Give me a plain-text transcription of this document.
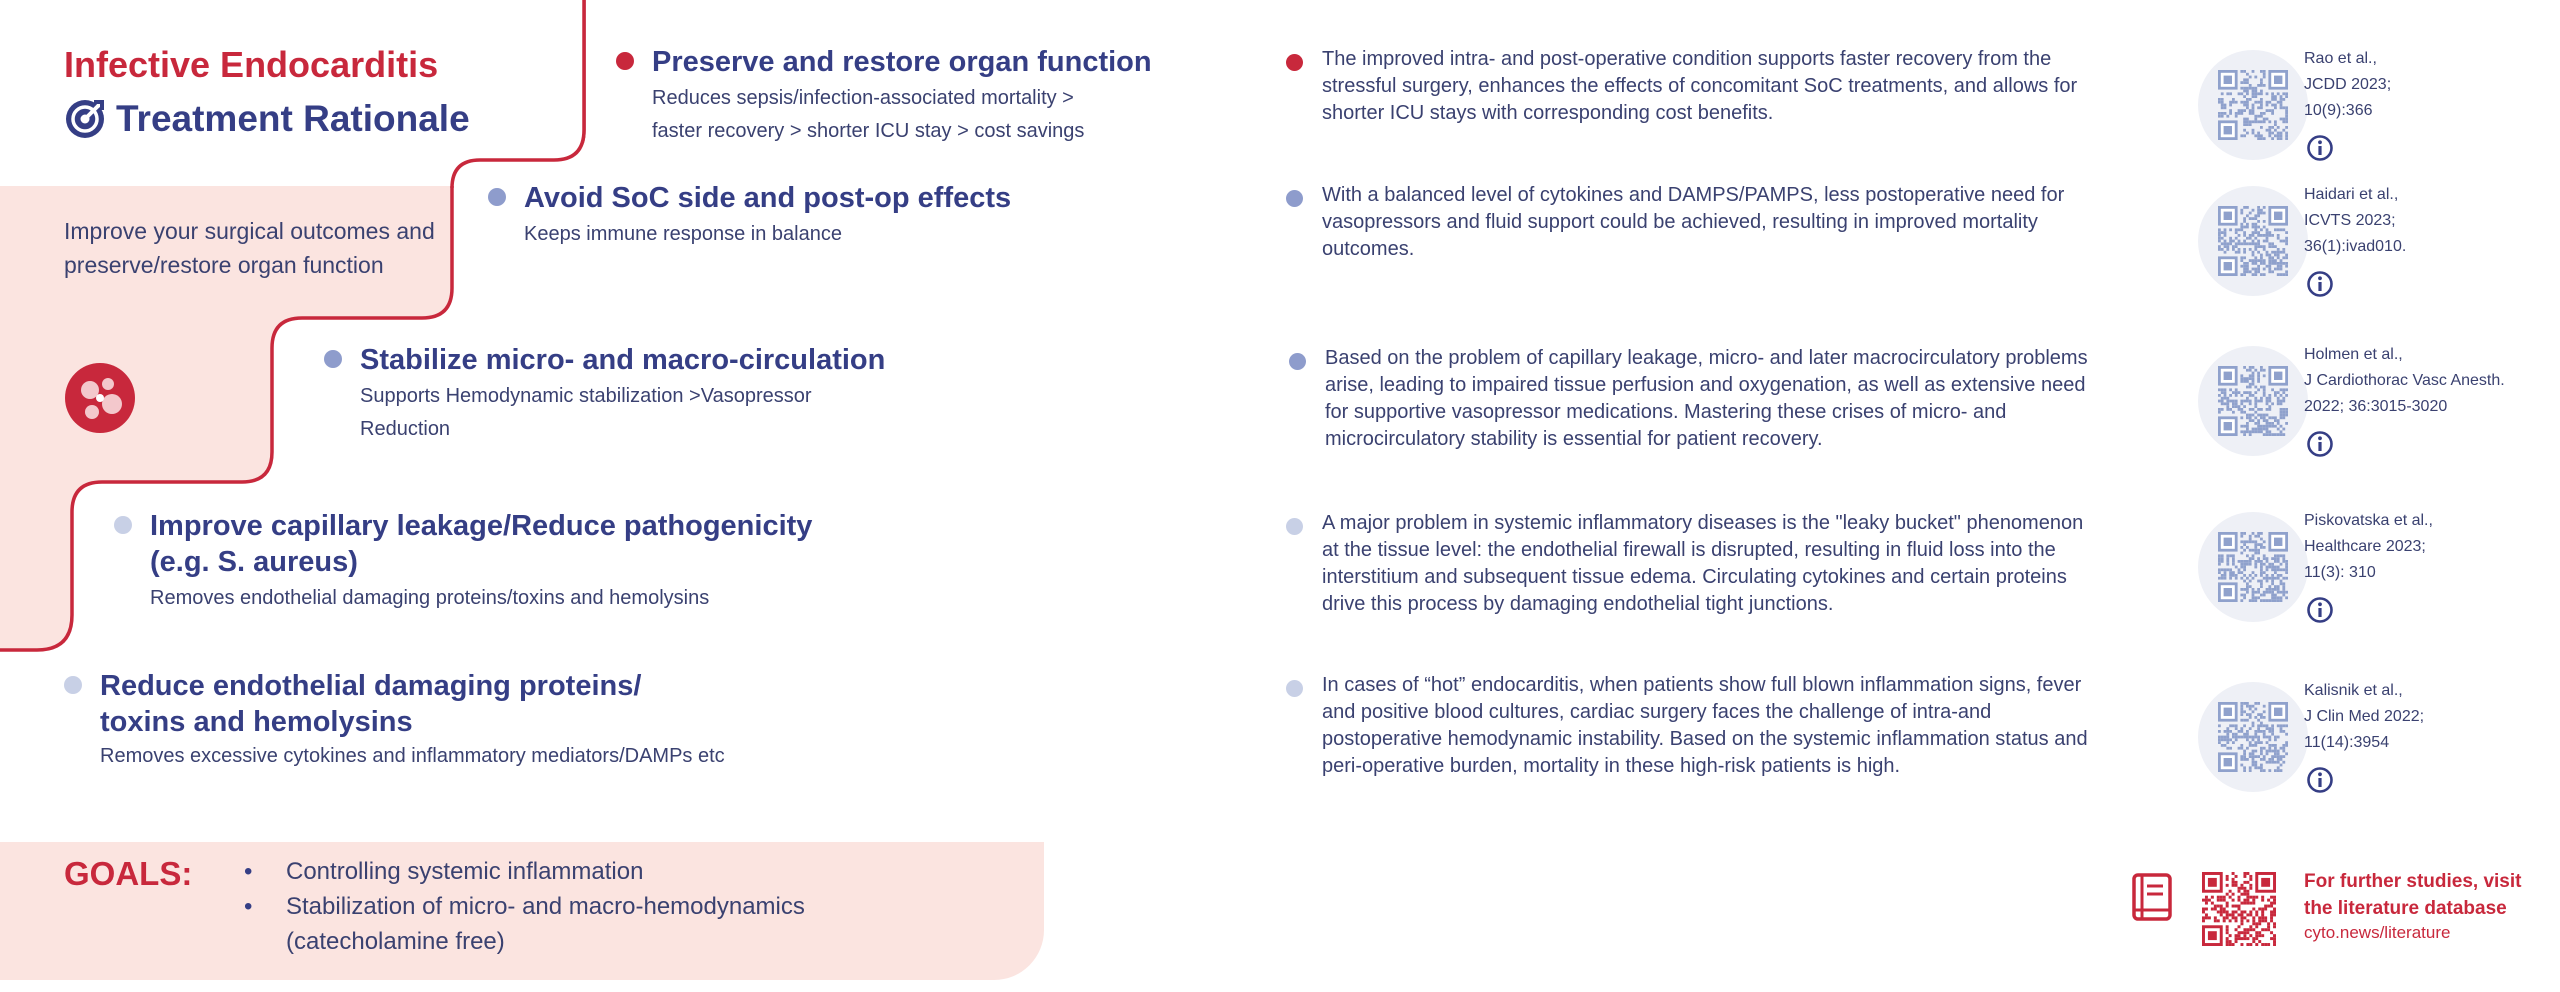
Infective Endocarditis
Treatment Rationale
Improve your surgical outcomes and preserve/restore organ function
Preserve and restore organ function
Reduces sepsis/infection-associated mortality >
faster recovery > shorter ICU stay > cost savings
Avoid SoC side and post-op effects
Keeps immune response in balance
Stabilize micro- and macro-circulation
Supports Hemodynamic stabilization >Vasopressor
Reduction
Improve capillary leakage/Reduce pathogenicity
(e.g. S. aureus)
Removes endothelial damaging proteins/toxins and hemolysins
Reduce endothelial damaging proteins/
toxins and hemolysins
Removes excessive cytokines and inflammatory mediators/DAMPs etc
GOALS: • Controlling systemic inflammation
• Stabilization of micro- and macro-hemodynamics
(catecholamine free)

The improved intra- and post-operative condition supports faster recovery from the

stressful surgery, enhances the effects of concomitant SoC treatments, and allows for

shorter ICU stays with corresponding cost benefits.

With a balanced level of cytokines and DAMPS/PAMPS, less postoperative need for

vasopressors and fluid support could be achieved, resulting in improved mortality

outcomes.

Based on the problem of capillary leakage, micro- and later macrocirculatory problems

arise, leading to impaired tissue perfusion and oxygenation, as well as extensive need

for supportive vasopressor medications. Mastering these crises of micro- and

microcirculatory stability is essential for patient recovery.

A major problem in systemic inflammatory diseases is the "leaky bucket" phenomenon

at the tissue level: the endothelial firewall is disrupted, resulting in fluid loss into the

interstitium and subsequent tissue edema. Circulating cytokines and certain proteins

drive this process by damaging endothelial tight junctions.

In cases of “hot” endocarditis, when patients show full blown inflammation signs, fever

and positive blood cultures, cardiac surgery faces the challenge of intra-and

postoperative hemodynamic instability. Based on the systemic inflammation status and

peri-operative burden, mortality in these high-risk patients is high.

Rao et al.,
JCDD 2023;
10(9):366
Haidari et al.,
ICVTS 2023;
36(1):ivad010.
Holmen et al.,
J Cardiothorac Vasc Anesth.
2022; 36:3015-3020
Piskovatska et al.,
Healthcare 2023;
11(3): 310
Kalisnik et al.,
J Clin Med 2022;
11(14):3954
For further studies, visit
the literature database
cyto.news/literature
